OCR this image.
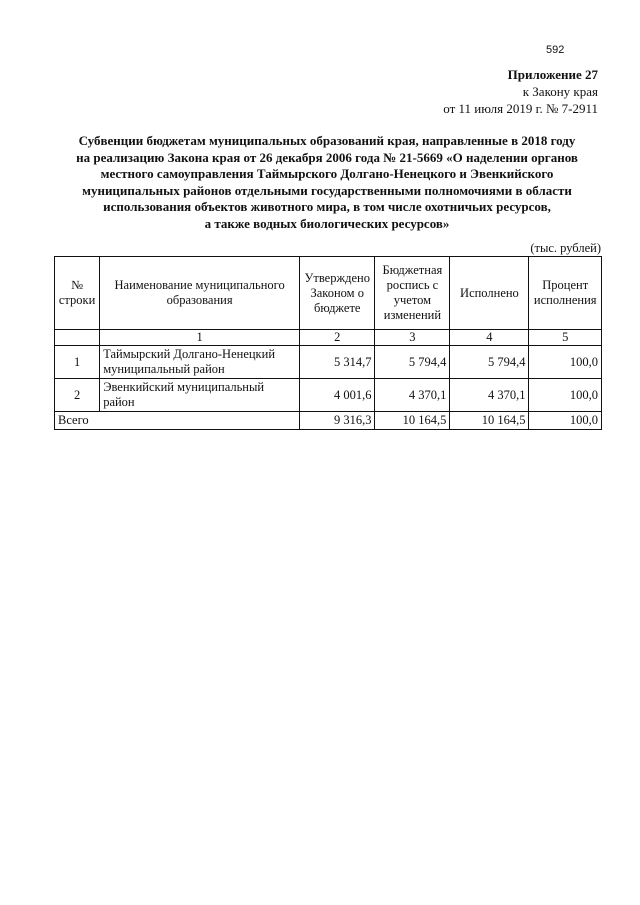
592
Приложение 27
к Закону края
от 11 июля 2019 г. № 7-2911
Субвенции бюджетам муниципальных образований края, направленные в 2018 году
на реализацию Закона края от 26 декабря 2006 года № 21-5669 «О наделении органов
местного самоуправления Таймырского Долгано-Ненецкого и Эвенкийского
муниципальных районов отдельными государственными полномочиями в области
использования объектов животного мира, в том числе охотничьих ресурсов,
а также водных биологических ресурсов»
(тыс. рублей)
№ строки	Наименование муниципального образования	Утверждено Законом о бюджете	Бюджетная роспись с учетом изменений	Исполнено	Процент исполнения
	1	2	3	4	5
1	Таймырский Долгано-Ненецкий муниципальный район	5 314,7	5 794,4	5 794,4	100,0
2	Эвенкийский муниципальный район	4 001,6	4 370,1	4 370,1	100,0
Всего		9 316,3	10 164,5	10 164,5	100,0
